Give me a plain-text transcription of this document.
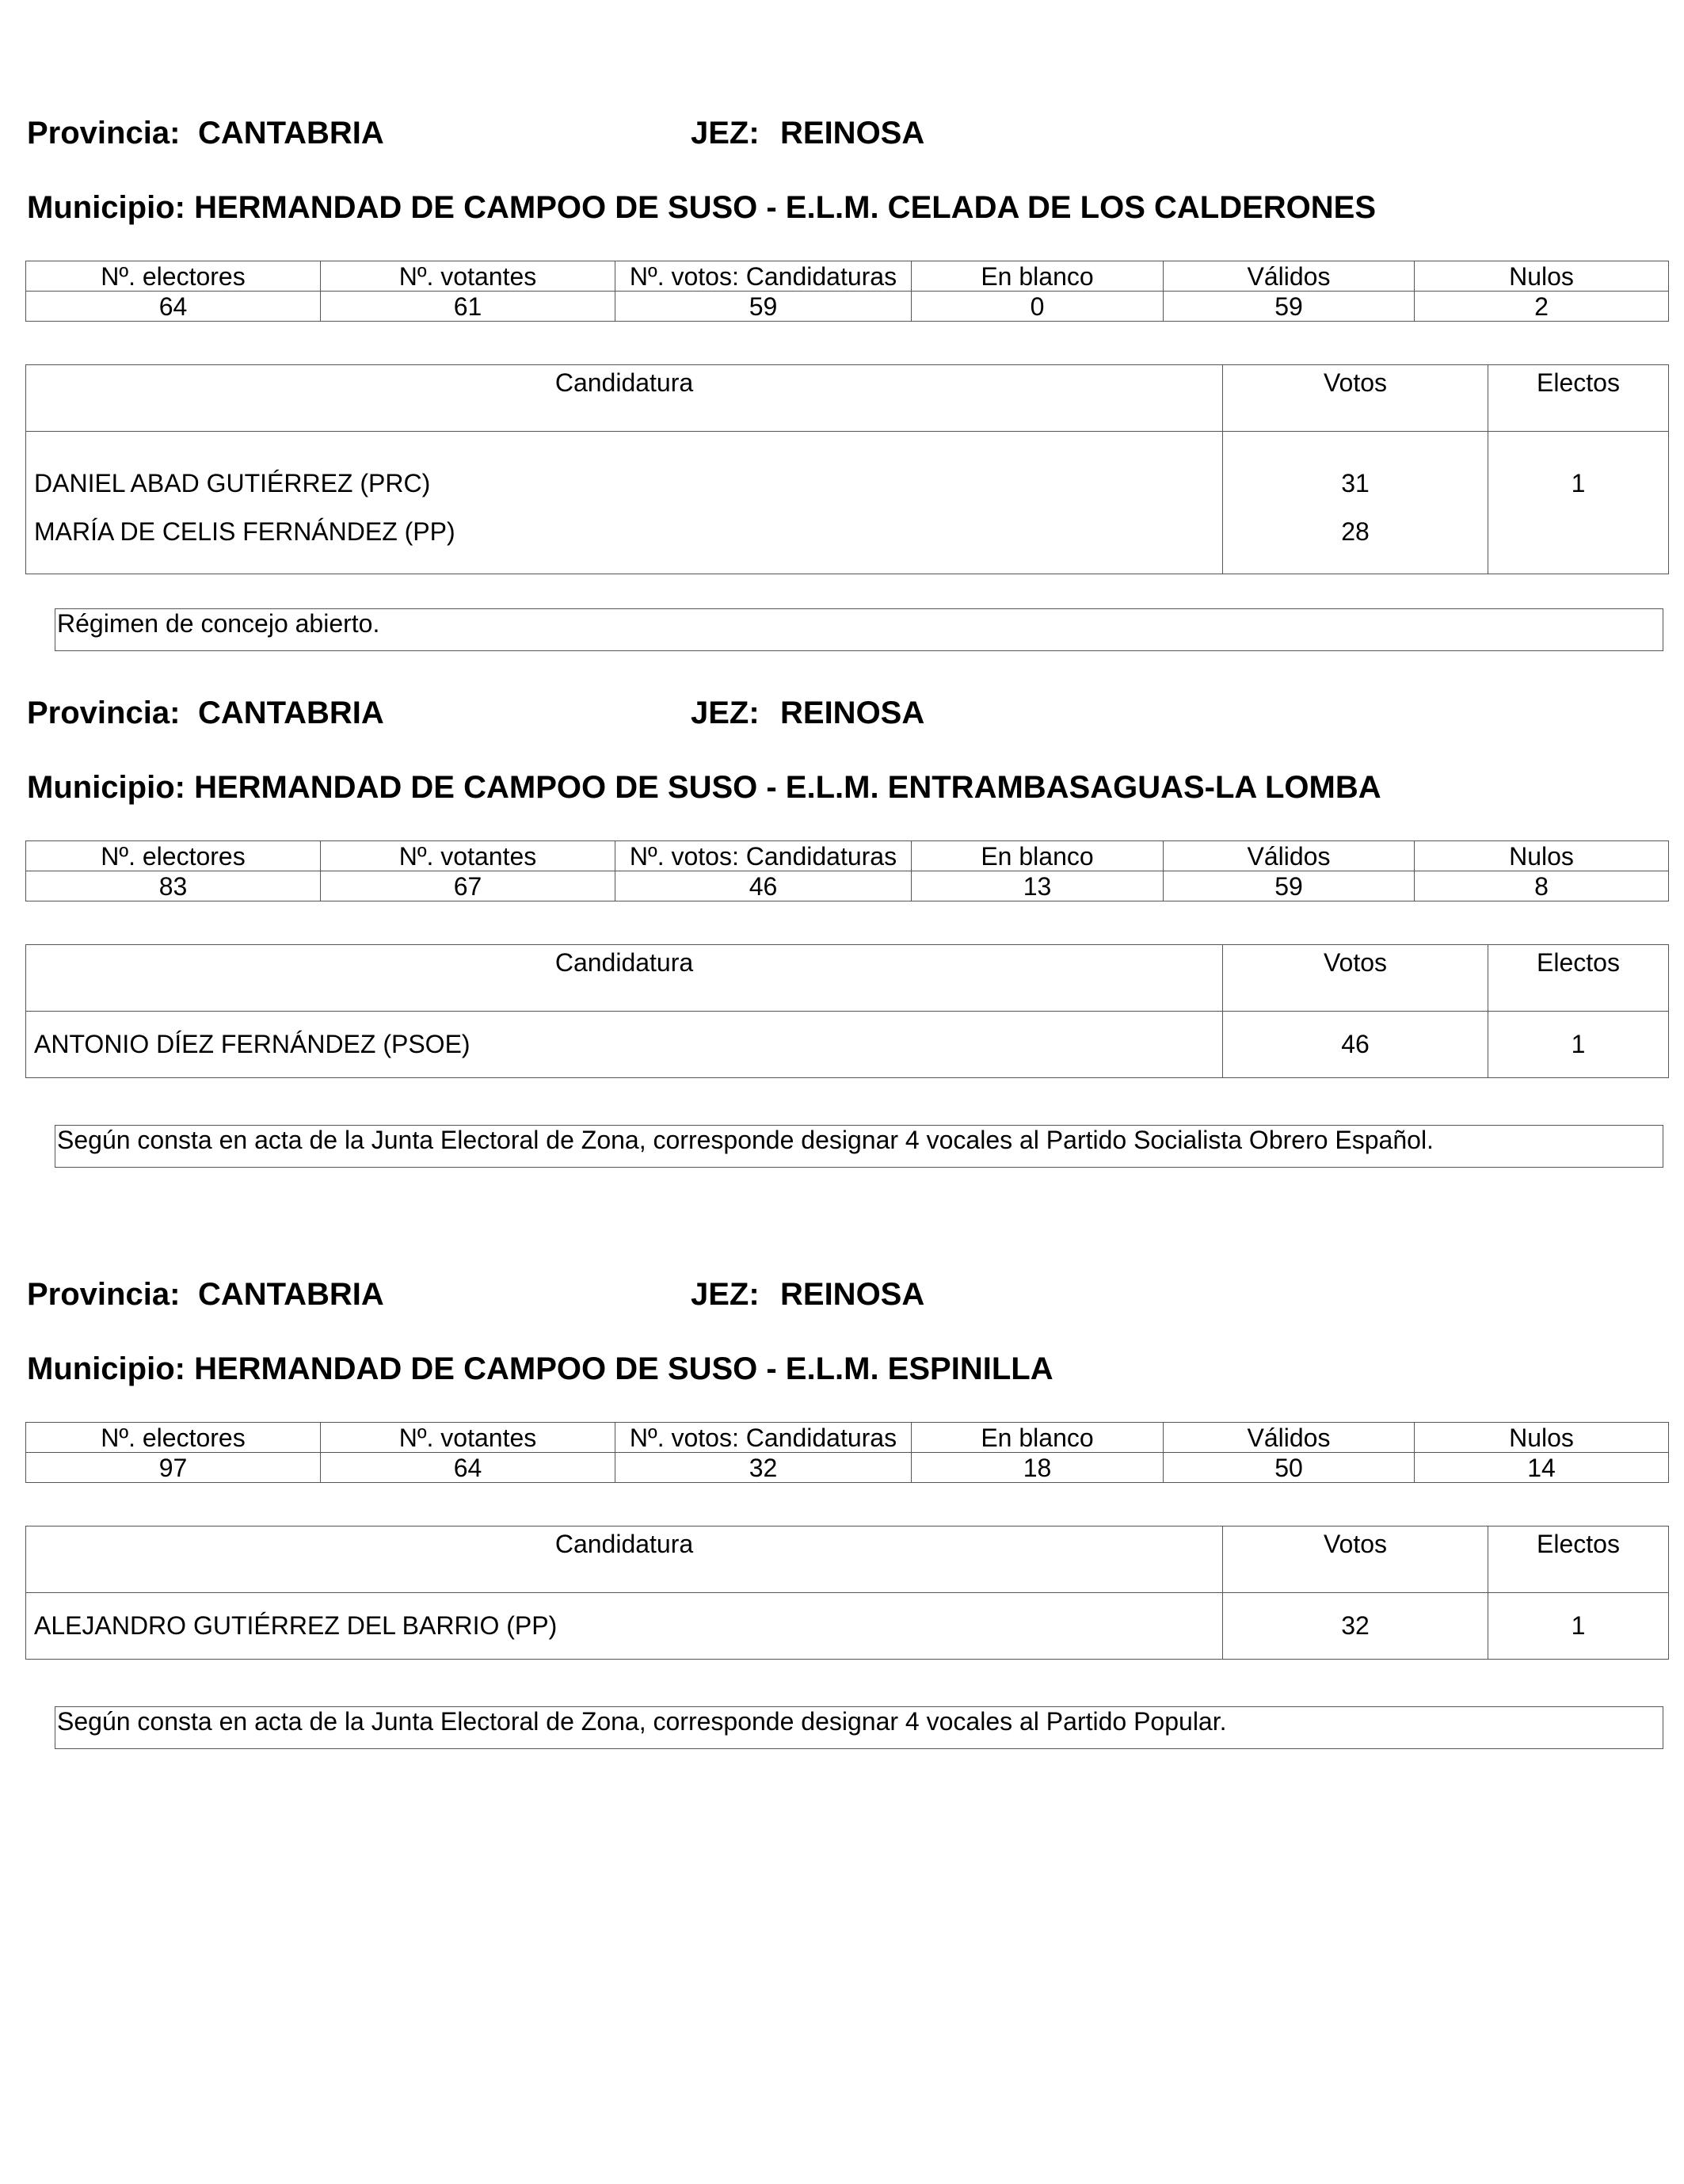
Provincia: CANTABRIA	JEZ: REINOSA
Municipio: HERMANDAD DE CAMPOO DE SUSO - E.L.M. CELADA DE LOS CALDERONES
Nº. electores	Nº. votantes	Nº. votos: Candidaturas	En blanco	Válidos	Nulos
64	61	59	0	59	2
Candidatura	Votos	Electos
DANIEL ABAD GUTIÉRREZ (PRC)	31	1
MARÍA DE CELIS FERNÁNDEZ (PP)	28	
Régimen de concejo abierto.
Provincia: CANTABRIA	JEZ: REINOSA
Municipio: HERMANDAD DE CAMPOO DE SUSO - E.L.M. ENTRAMBASAGUAS-LA LOMBA
Nº. electores	Nº. votantes	Nº. votos: Candidaturas	En blanco	Válidos	Nulos
83	67	46	13	59	8
Candidatura	Votos	Electos
ANTONIO DÍEZ FERNÁNDEZ (PSOE)	46	1
Según consta en acta de la Junta Electoral de Zona, corresponde designar 4 vocales al Partido Socialista Obrero Español.
Provincia: CANTABRIA	JEZ: REINOSA
Municipio: HERMANDAD DE CAMPOO DE SUSO - E.L.M. ESPINILLA
Nº. electores	Nº. votantes	Nº. votos: Candidaturas	En blanco	Válidos	Nulos
97	64	32	18	50	14
Candidatura	Votos	Electos
ALEJANDRO GUTIÉRREZ DEL BARRIO (PP)	32	1
Según consta en acta de la Junta Electoral de Zona, corresponde designar 4 vocales al Partido Popular.
